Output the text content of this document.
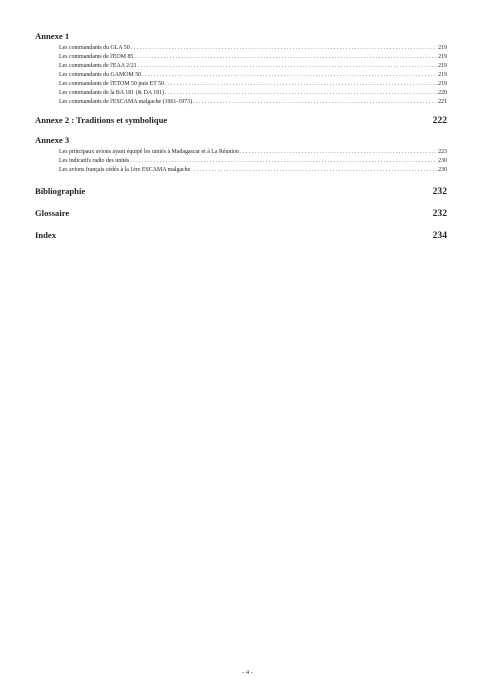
Annexe 1
Les commandants du GLA 50 . . .	219
Les commandants de l'EOM 85 . . .	219
Les commandants de l'EAA 2/21 . . .	219
Les commandants du GAMOM 50 . . .	219
Les commandants de l'ETOM 50 puis ET 50 . . .	219
Les commandants de la BA 181 (& DA 181) . . .	220
Les commandants de l'ESCAMA malgache (1961-1973) . . .	221
Annexe 2 : Traditions et symbolique	222
Annexe 3
Les principaux avions ayant équipé les unités à Madagascar et à La Réunion . . .	223
Les indicatifs radio des unités . . .	230
Les avions français cédés à la 1ère ESCAMA malgache . . .	230
Bibliographie	232
Glossaire	232
Index	234
- 4 -
